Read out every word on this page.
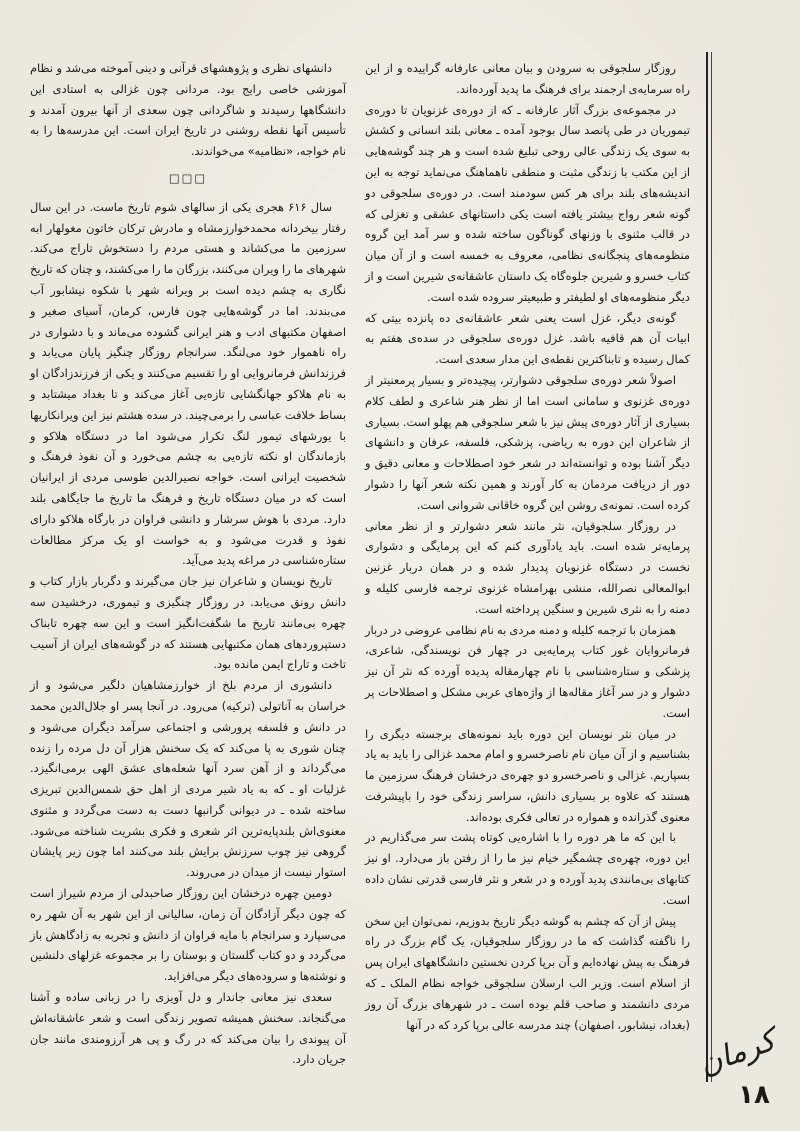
روزگار سلجوقی به سرودن و بیان معانی عارفانه گراییده و از این راه سرمایه‌ی ارجمند برای فرهنگ ما پدید آورده‌اند.

در مجموعه‌ی بزرگ آثار عارفانه ـ که از دوره‌ی غزنویان تا دوره‌ی تیموریان در طی پانصد سال بوجود آمده ـ معانی بلند انسانی و کشش به سوی یک زندگی عالی روحی تبلیغ شده است و هر چند گوشه‌هایی از این مکتب با زندگی مثبت و منطقی ناهماهنگ می‌نماید توجه به این اندیشه‌های بلند برای هر کس سودمند است. در دوره‌ی سلجوقی دو گونه شعر رواج بیشتر یافته است یکی داستانهای عشقی و تغزلی که در قالب مثنوی با وزنهای گوناگون ساخته شده و سر آمد این گروه منظومه‌های پنجگانه‌ی نظامی، معروف به خمسه است و از آن میان کتاب خسرو و شیرین جلوه‌گاه یک داستان عاشقانه‌ی شیرین است و از دیگر منظومه‌های او لطیفتر و طبیعیتر سروده شده است.

گونه‌ی دیگر، غزل است یعنی شعر عاشقانه‌ی ده پانزده بیتی که ابیات آن هم قافیه باشد. غزل دوره‌ی سلجوقی در سده‌ی هفتم به کمال رسیده و تابناکترین نقطه‌ی این مدار سعدی است.

اصولاً شعر دوره‌ی سلجوقی دشوارتر، پیچیده‌تر و بسیار پرمعنیتر از دوره‌ی غزنوی و سامانی است اما از نظر هنر شاعری و لطف کلام بسیاری از آثار دوره‌ی پیش نیز با شعر سلجوقی هم پهلو است. بسیاری از شاعران این دوره به ریاضی، پزشکی، فلسفه، عرفان و دانشهای دیگر آشنا بوده و توانسته‌اند در شعر خود اصطلاحات و معانی دقیق و دور از دریافت مردمان به کار آورند و همین نکته شعر آنها را دشوار کرده است. نمونه‌ی روشن این گروه خاقانی شروانی است.

در روزگار سلجوقیان، نثر مانند شعر دشوارتر و از نظر معانی پرمایه‌تر شده است. باید یادآوری کنم که این پرمایگی و دشواری نخست در دستگاه غزنویان پدیدار شده و در همان دربار غزنین ابوالمعالی نصرالله، منشی بهرامشاه غزنوی ترجمه فارسی کلیله و دمنه را به نثری شیرین و سنگین پرداخته است.

همزمان با ترجمه کلیله و دمنه مردی به نام نظامی عروضی در دربار فرمانروایان غور کتاب پرمایه‌یی در چهار فن نویسندگی، شاعری، پزشکی و ستاره‌شناسی با نام چهارمقاله پدیده آورده که نثر آن نیز دشوار و در سر آغاز مقاله‌ها از واژه‌های عربی مشکل و اصطلاحات پر است.

در میان نثر نویسان این دوره باید نمونه‌های برجسته دیگری را بشناسیم و از آن میان نام ناصرخسرو و امام محمد غزالی را باید به یاد بسپاریم. غزالی و ناصرخسرو دو چهره‌ی درخشان فرهنگ سرزمین ما هستند که علاوه بر بسیاری دانش، سراسر زندگی خود را باپیشرفت معنوی گذرانده و همواره در تعالی فکری بوده‌اند.

با این که ما هر دوره را با اشاره‌یی کوتاه پشت سر می‌گذاریم در این دوره، چهره‌ی چشمگیر خیام نیز ما را از رفتن باز می‌دارد. او نیز کتابهای بی‌مانندی پدید آورده و در شعر و نثر فارسی قدرتی نشان داده است.

پیش از آن که چشم به گوشه دیگر تاریخ بدوزیم، نمی‌توان این سخن را ناگفته گذاشت که ما در روزگار سلجوقیان، یک گام بزرگ در راه فرهنگ به پیش نهاده‌ایم و آن برپا کردن نخستین دانشگاههای ایران پس از اسلام است. وزیر الب ارسلان سلجوقی خواجه نظام الملک ـ که مردی دانشمند و صاحب قلم بوده است ـ در شهرهای بزرگ آن روز (بغداد، نیشابور، اصفهان) چند مدرسه عالی برپا کرد که در آنها

دانشهای نظری و پژوهشهای قرآنی و دینی آموخته می‌شد و نظام آموزشی خاصی رایج بود. مردانی چون غزالی به استادی این دانشگاهها رسیدند و شاگردانی چون سعدی از آنها بیرون آمدند و تأسیس آنها نقطه روشنی در تاریخ ایران است. این مدرسه‌ها را به نام خواجه، «نظامیه» می‌خواندند.

□□□

سال ۶۱۶ هجری یکی از سالهای شوم تاریخ ماست. در این سال رفتار بیخردانه محمدخوارزمشاه و مادرش ترکان خاتون مغولهار ابه سرزمین ما می‌کشاند و هستی مردم را دستخوش تاراج می‌کند. شهرهای ما را ویران می‌کنند، بزرگان ما را می‌کشند، و چنان که تاریخ نگاری به چشم دیده است بر ویرانه شهر با شکوه نیشابور آب می‌بندند. اما در گوشه‌هایی چون فارس، کرمان، آسیای صغیر و اصفهان مکتبهای ادب و هنر ایرانی گشوده می‌ماند و با دشواری در راه ناهموار خود می‌لنگد. سرانجام روزگار چنگیز پایان می‌یابد و فرزندانش فرمانروایی او را تقسیم می‌کنند و یکی از فرزندزادگان او به نام هلاکو جهانگشایی تازه‌یی آغاز می‌کند و تا بغداد میشتابد و بساط خلافت عباسی را برمی‌چیند. در سده هشتم نیز این ویرانکاریها با یورشهای تیمور لنگ تکرار می‌شود اما در دستگاه هلاکو و بازماندگان او نکته تازه‌یی به چشم می‌خورد و آن نفوذ فرهنگ و شخصیت ایرانی است. خواجه نصیرالدین طوسی مردی از ایرانیان است که در میان دستگاه تاریخ و فرهنگ ما تاریخ ما جایگاهی بلند دارد. مردی با هوش سرشار و دانشی فراوان در بارگاه هلاکو دارای نفوذ و قدرت می‌شود و به خواست او یک مرکز مطالعات ستاره‌شناسی در مراغه پدید می‌آید.

تاریخ نویسان و شاعران نیز جان می‌گیرند و دگربار بازار کتاب و دانش رونق می‌یابد. در روزگار چنگیزی و تیموری، درخشیدن سه چهره بی‌مانند تاریخ ما شگفت‌انگیز است و این سه چهره تابناک دستپروردهای همان مکتبهایی هستند که در گوشه‌های ایران از آسیب تاخت و تاراج ایمن مانده بود.

دانشوری از مردم بلخ از خوارزمشاهیان دلگیر می‌شود و از خراسان به آناتولی (ترکیه) می‌رود. در آنجا پسر او جلال‌الدین محمد در دانش و فلسفه پرورشی و اجتماعی سرآمد دیگران می‌شود و چنان شوری به پا می‌کند که یک سخنش هزار آن دل مرده را زنده می‌گرداند و از آهن سرد آنها شعله‌های عشق الهی برمی‌انگیزد. غزلیات او ـ که به یاد شیر مردی از اهل حق شمس‌الدین تبریزی ساخته شده ـ در دیوانی گرانبها دست به دست می‌گردد و مثنوی معنوی‌اش بلندپایه‌ترین اثر شعری و فکری بشریت شناخته می‌شود. گروهی نیز چوب سرزنش برایش بلند می‌کنند اما چون زیر پایشان استوار نیست از میدان در می‌روند.

دومین چهره درخشان این روزگار صاحبدلی از مردم شیراز است که چون دیگر آزادگان آن زمان، سالیانی از این شهر به آن شهر ره می‌سپارد و سرانجام با مایه فراوان از دانش و تجربه به زادگاهش باز می‌گردد و دو کتاب گلستان و بوستان را بر مجموعه غزلهای دلنشین و نوشته‌ها و سروده‌های دیگر می‌افزاید.

سعدی نیز معانی جاندار و دل آویزی را در زبانی ساده و آشنا می‌گنجاند. سخنش همیشه تصویر زندگی است و شعر عاشقانه‌اش آن پیوندی را بیان می‌کند که در رگ و پی هر آرزومندی مانند جان جریان دارد.	کرمان
۱۸
